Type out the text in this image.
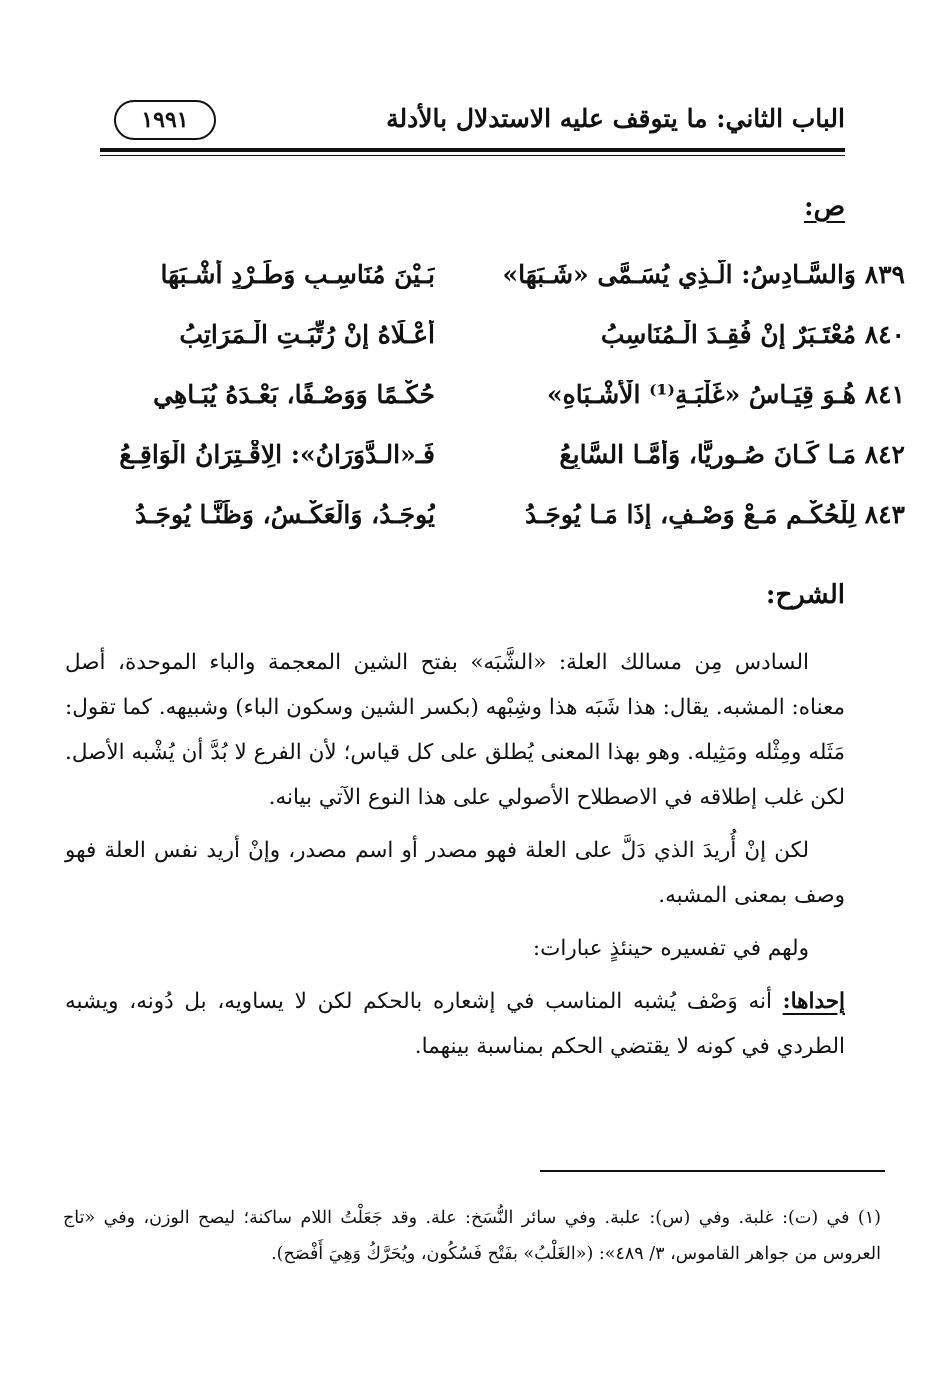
الباب الثاني: ما يتوقف عليه الاستدلال بالأدلة
١٩٩١
ص:
٨٣٩ وَالسَّـادِسُ: الَّـذِي يُسَـمَّى «شَـبَهَا»
بَـيْنَ مُنَاسِـبٍ وَطَـرْدٍ أَشْـبَهَا
٨٤٠ مُعْتَـبَرٌ إِنْ فُقِـدَ الْـمُنَاسِبُ
أَعْـلَاهُ إِنْ رُتِّبَـتِ الْـمَرَاتِبُ
٨٤١ هُـوَ قِيَـاسُ «غَلْبَـةِ⁽¹⁾ الْأَشْـبَاهِ»
حُكْـمًا وَوَصْـفًا، بَعْـدَهُ يُبَـاهِي
٨٤٢ مَـا كَـانَ صُـورِيًّا، وَأَمَّـا السَّابِعُ
فَـ«الـدَّوَرَانُ»: الِاقْـتِرَانُ الْوَاقِـعُ
٨٤٣ لِلْحُكْـمِ مَـعْ وَصْـفٍ، إِذَا مَـا يُوجَـدُ
يُوجَـدُ، وَالْعَكْـسُ، وَظَنًّـا يُوجَـدُ
الشرح:

السادس مِن مسالك العلة: «الشَّبَه» بفتح الشين المعجمة والباء الموحدة، أصل معناه: المشبه. يقال: هذا شَبَه هذا وشِبْهه (بكسر الشين وسكون الباء) وشبيهه. كما تقول: مَثَله ومِثْله ومَثِيله. وهو بهذا المعنى يُطلق على كل قياس؛ لأن الفرع لا بُدَّ أن يُشْبه الأصل. لكن غلب إطلاقه في الاصطلاح الأصولي على هذا النوع الآتي بيانه.

لكن إنْ أُريدَ الذي دَلَّ على العلة فهو مصدر أو اسم مصدر، وإنْ أريد نفس العلة فهو وصف بمعنى المشبه.

ولهم في تفسيره حينئذٍ عبارات:

إحداها: أنه وَصْف يُشبه المناسب في إشعاره بالحكم لكن لا يساويه، بل دُونه، ويشبه الطردي في كونه لا يقتضي الحكم بمناسبة بينهما.

(١) في (ت): غلبة. وفي (س): علبة. وفي سائر النُّسَخ: علة. وقد جَعَلْتُ اللام ساكنة؛ ليصح الوزن، وفي «تاج العروس من جواهر القاموس، ٣/ ٤٨٩»: («الغَلْبُ» بفَتْح فَسُكُون، ويُحَرَّكُ وَهِيَ أَفْصَح).
